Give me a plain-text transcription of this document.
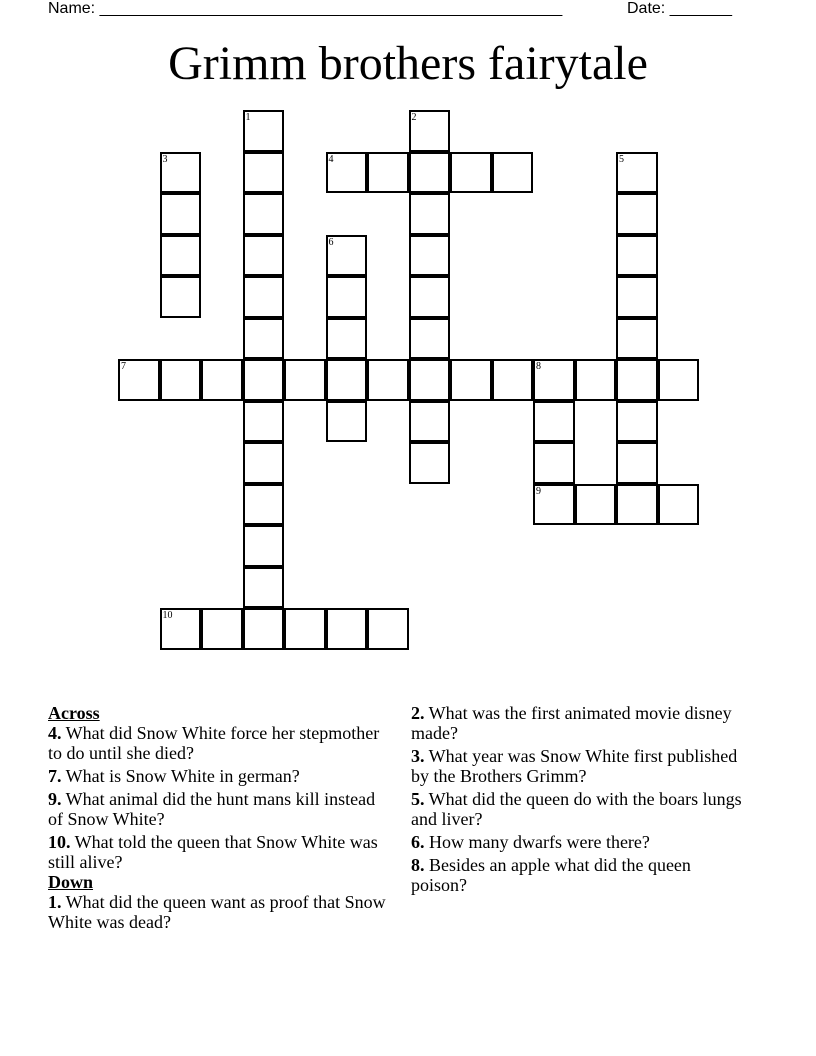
Name: ____________________________________________________	Date: _______
Grimm brothers fairytale
1	2
3	4	5
6
7	8
9
10

Across

4. What did Snow White force her stepmother to do until she died?

7. What is Snow White in german?

9. What animal did the hunt mans kill instead of Snow White?

10. What told the queen that Snow White was still alive?

Down

1. What did the queen want as proof that Snow White was dead?

2. What was the first animated movie disney made?

3. What year was Snow White first published by the Brothers Grimm?

5. What did the queen do with the boars lungs and liver?

6. How many dwarfs were there?

8. Besides an apple what did the queen poison?
